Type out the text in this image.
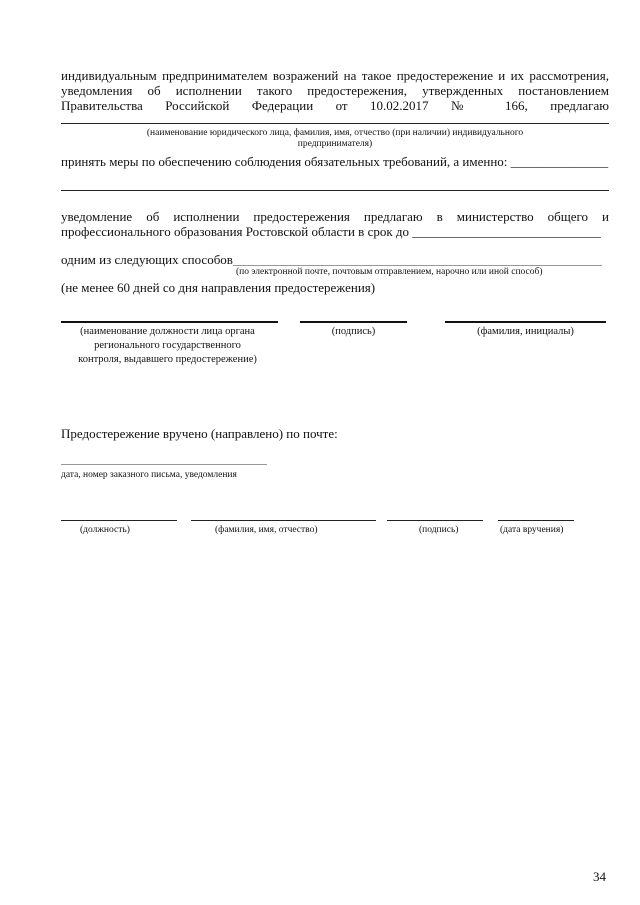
индивидуальным предпринимателем возражений на такое предостережение и их рассмотрения,
уведомления об исполнении такого предостережения, утвержденных постановлением
Правительства Российской Федерации от 10.02.2017 № 166, предлагаю
(наименование юридического лица, фамилия, имя, отчество (при наличии) индивидуального
предпринимателя)
принять меры по обеспечению соблюдения обязательных требований, а именно: _______________
уведомление об исполнении предостережения предлагаю в министерство общего и
профессионального образования Ростовской области в срок до _____________________________
одним из следующих способов
(по электронной почте, почтовым отправлением, нарочно или иной способ)
(не менее 60 дней со дня направления предостережения)
(наименование должности лица органа
регионального государственного
контроля, выдавшего предостережение)
(подпись)	(фамилия, инициалы)
Предостережение вручено (направлено) по почте:
дата, номер заказного письма, уведомления
(должность)	(фамилия, имя, отчество)	(подпись)	(дата вручения)
34
